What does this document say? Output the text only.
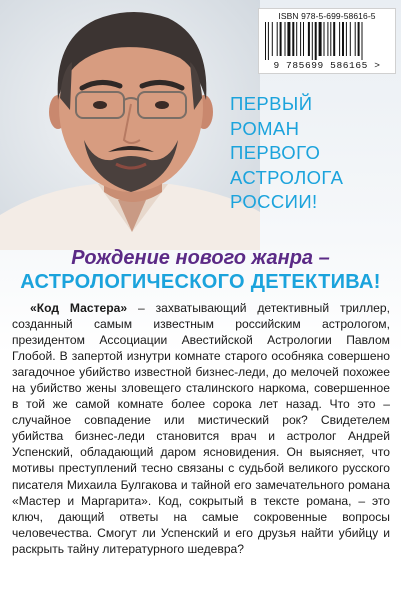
ISBN 978-5-699-58616-5
9 785699 586165 >
ПЕРВЫЙ
РОМАН
ПЕРВОГО
АСТРОЛОГА
РОССИИ!
Рождение нового жанра –
АСТРОЛОГИЧЕСКОГО ДЕТЕКТИВА!
«Код Мастера» – захватывающий детективный триллер, созданный самым известным российским астрологом, президентом Ассоциации Авестийской Астрологии Павлом Глобой. В запертой изнутри комнате старого особняка совершено загадочное убийство известной бизнес-леди, до мелочей похожее на убийство жены зловещего сталинского наркома, совершенное в той же самой комнате более сорока лет назад. Что это – случайное совпадение или мистический рок? Свидетелем убийства бизнес-леди становится врач и астролог Андрей Успенский, обладающий даром ясновидения. Он выясняет, что мотивы преступлений тесно связаны с судьбой великого русского писателя Михаила Булгакова и тайной его замечательного романа «Мастер и Маргарита». Код, сокрытый в тексте романа, – это ключ, дающий ответы на самые сокровенные вопросы человечества. Смогут ли Успенский и его друзья найти убийцу и раскрыть тайну литературного шедевра?
